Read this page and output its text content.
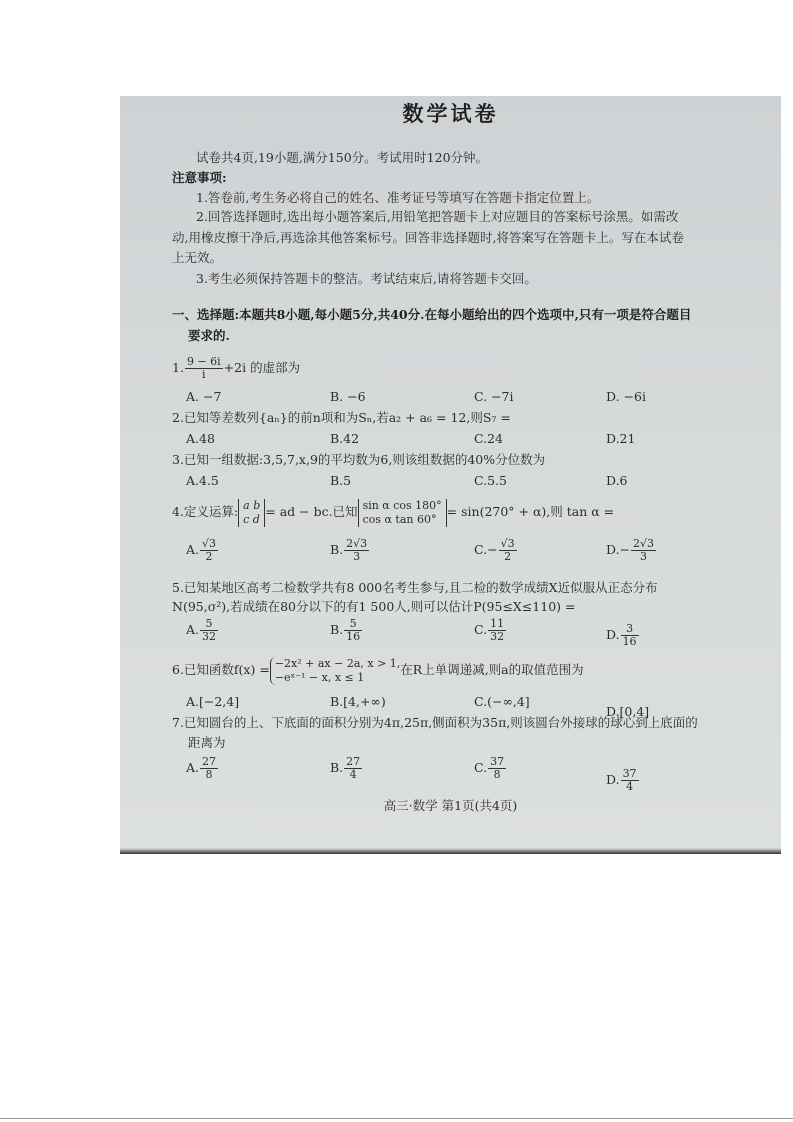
数学试卷
试卷共4页,19小题,满分150分。考试用时120分钟。
注意事项:
1.答卷前,考生务必将自己的姓名、准考证号等填写在答题卡指定位置上。
2.回答选择题时,选出每小题答案后,用铅笔把答题卡上对应题目的答案标号涂黑。如需改
动,用橡皮擦干净后,再选涂其他答案标号。回答非选择题时,将答案写在答题卡上。写在本试卷
上无效。
3.考生必须保持答题卡的整洁。考试结束后,请将答题卡交回。
一、选择题:本题共8小题,每小题5分,共40分.在每小题给出的四个选项中,只有一项是符合题目
要求的.
1. $\frac{9 - 6i}{i} +2i$ 的虚部为
A. −7	B. −6	C. −7i	D. −6i
2.已知等差数列{aₙ}的前n项和为Sₙ,若a₂ + a₆ = 12,则S₇ =
A.48	B.42	C.24	D.21
3.已知一组数据:3,5,7,x,9的平均数为6,则该组数据的40%分位数为
A.4.5	B.5	C.5.5	D.6
4.定义运算: a b
c d = ad − bc.已知 sin α cos 180°
cos α tan 60° = sin(270° + α),则 tan α =
A. $\frac{√3}{2}$	B. $\frac{2√3}{3}$	$C.- \frac{√3}{2}$	$D.- \frac{2√3}{3}$
5.已知某地区高考二检数学共有8 000名考生参与,且二检的数学成绩X近似服从正态分布
N(95,σ²),若成绩在80分以下的有1 500人,则可以估计P(95≤X≤110) =
A. $\frac{5}{32}$	B. $\frac{5}{16}$	C. $\frac{11}{32}$	D. $\frac{3}{16}$
6.已知函数f(x) = −2x² + ax − 2a, x > 1,
−eˣ⁻¹ − x, x ≤ 1	在R上单调递减,则a的取值范围为
A.[−2,4]	B.[4,+∞)	C.(−∞,4]
D.[0,4]
7.已知圆台的上、下底面的面积分别为4π,25π,侧面积为35π,则该圆台外接球的球心到上底面的
距离为
A. $\frac{27}{8}$	B. $\frac{27}{4}$	C. $\frac{37}{8}$	D. $\frac{37}{4}$
高三·数学 第1页(共4页)
